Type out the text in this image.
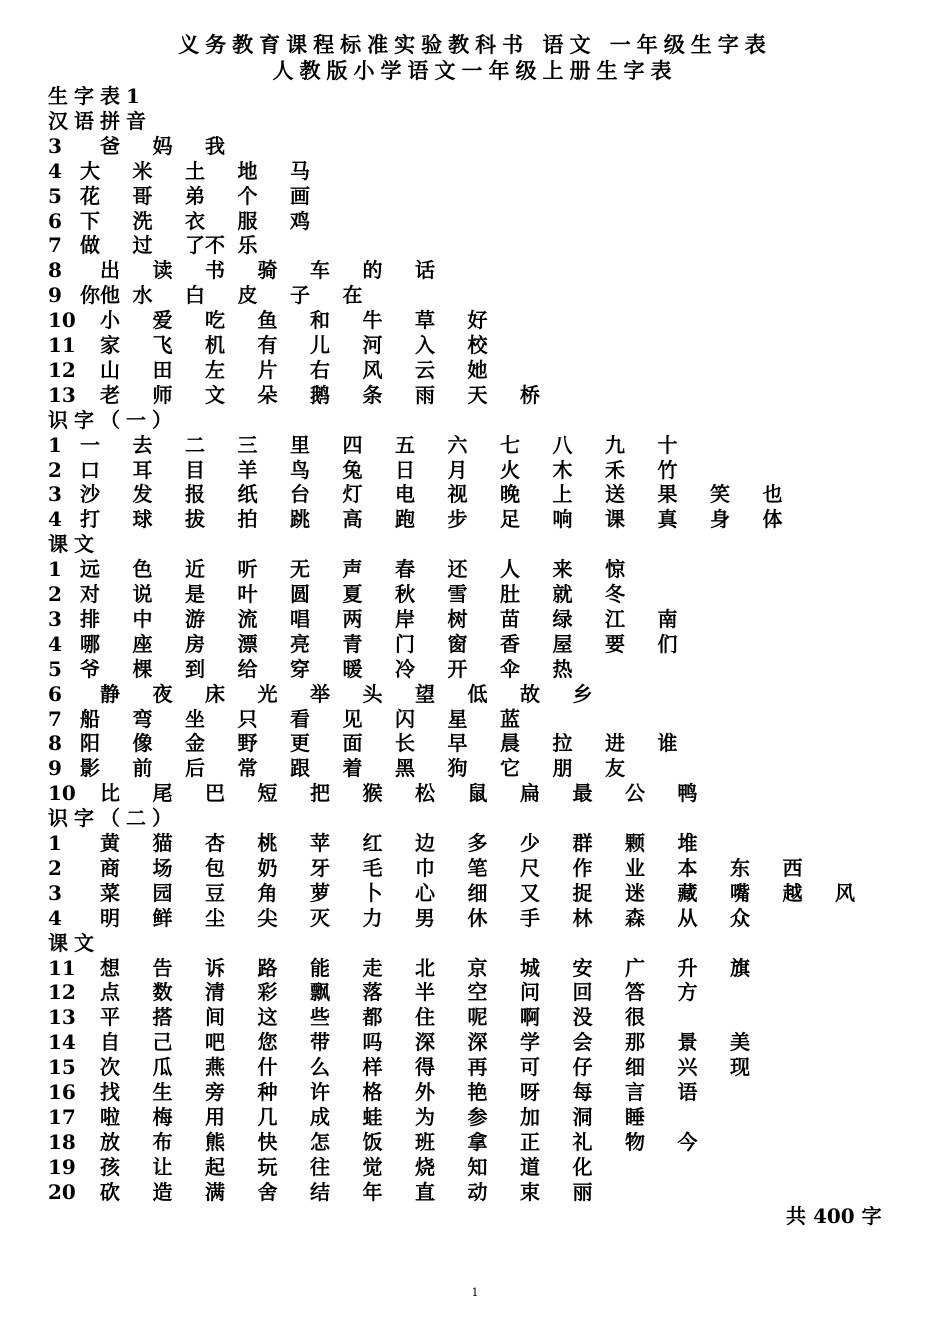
义务教育课程标准实验教科书 语文 一年级生字表
人教版小学语文一年级上册生字表
生字表1
汉语拼音
3 爸 妈 我
4 大 米 土 地 马
5 花 哥 弟 个 画
6 下 洗 衣 服 鸡
7 做 过 了不 乐
8 出 读 书 骑 车 的 话
9 你他 水 白 皮 子 在
10 小 爱 吃 鱼 和 牛 草 好
11 家 飞 机 有 儿 河 入 校
12 山 田 左 片 右 风 云 她
13 老 师 文 朵 鹅 条 雨 天 桥
识字（一）
1 一 去 二 三 里 四 五 六 七 八 九 十
2 口 耳 目 羊 鸟 兔 日 月 火 木 禾 竹
3 沙 发 报 纸 台 灯 电 视 晚 上 送 果 笑 也
4 打 球 拔 拍 跳 高 跑 步 足 响 课 真 身 体
课文
1 远 色 近 听 无 声 春 还 人 来 惊
2 对 说 是 叶 圆 夏 秋 雪 肚 就 冬
3 排 中 游 流 唱 两 岸 树 苗 绿 江 南
4 哪 座 房 漂 亮 青 门 窗 香 屋 要 们
5 爷 棵 到 给 穿 暖 冷 开 伞 热
6 静 夜 床 光 举 头 望 低 故 乡
7 船 弯 坐 只 看 见 闪 星 蓝
8 阳 像 金 野 更 面 长 早 晨 拉 进 谁
9 影 前 后 常 跟 着 黑 狗 它 朋 友
10 比 尾 巴 短 把 猴 松 鼠 扁 最 公 鸭
识字（二）
1 黄 猫 杏 桃 苹 红 边 多 少 群 颗 堆
2 商 场 包 奶 牙 毛 巾 笔 尺 作 业 本 东 西
3 菜 园 豆 角 萝 卜 心 细 又 捉 迷 藏 嘴 越 风
4 明 鲜 尘 尖 灭 力 男 休 手 林 森 从 众
课文
11 想 告 诉 路 能 走 北 京 城 安 广 升 旗
12 点 数 清 彩 飘 落 半 空 问 回 答 方
13 平 搭 间 这 些 都 住 呢 啊 没 很
14 自 己 吧 您 带 吗 深 深 学 会 那 景 美
15 次 瓜 燕 什 么 样 得 再 可 仔 细 兴 现
16 找 生 旁 种 许 格 外 艳 呀 每 言 语
17 啦 梅 用 几 成 蛙 为 参 加 洞 睡
18 放 布 熊 快 怎 饭 班 拿 正 礼 物 今
19 孩 让 起 玩 往 觉 烧 知 道 化
20 砍 造 满 舍 结 年 直 动 束 丽
共 400 字
1
